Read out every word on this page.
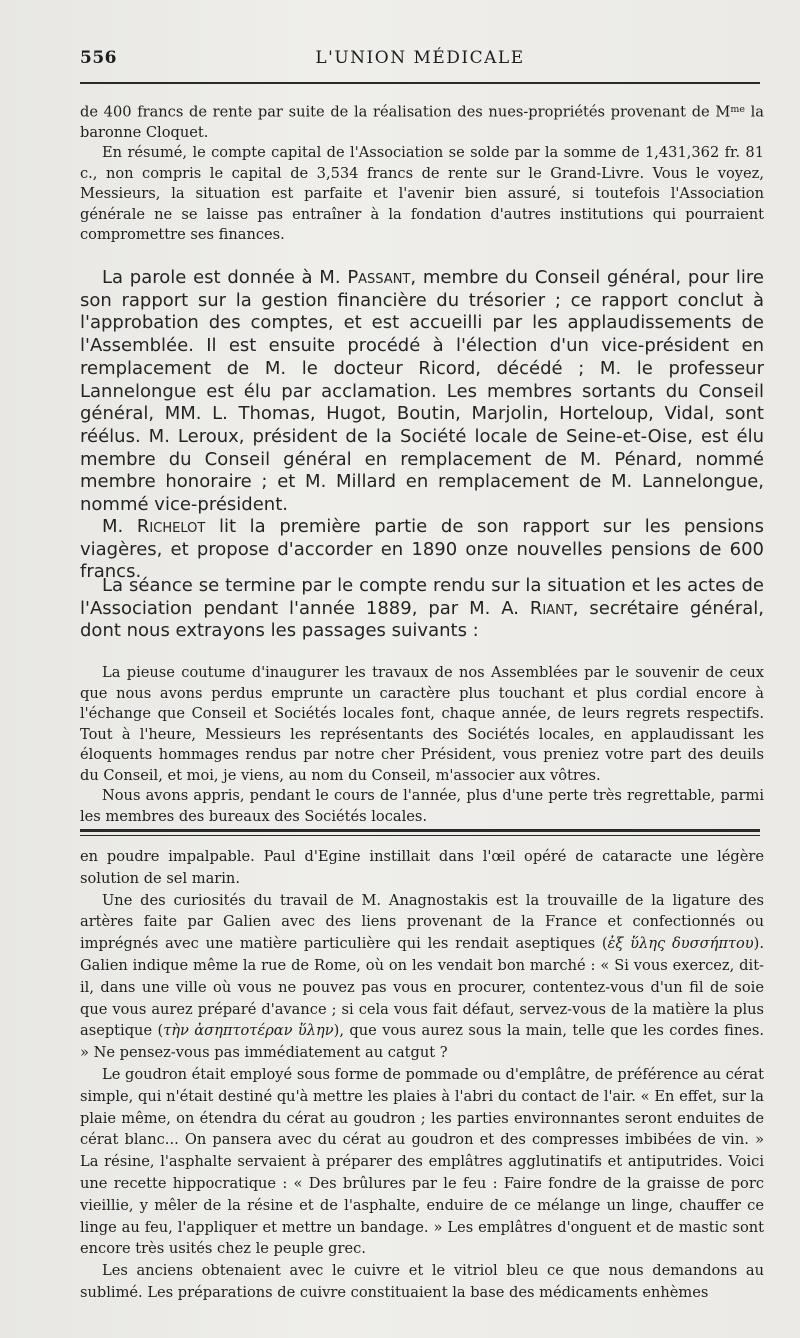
556	L'UNION MÉDICALE

de 400 francs de rente par suite de la réalisation des nues-propriétés provenant de $M^{me}$ la baronne Cloquet.

En résumé, le compte capital de l'Association se solde par la somme de 1,431,362 fr. 81 c., non compris le capital de 3,534 francs de rente sur le Grand-Livre. Vous le voyez, Messieurs, la situation est parfaite et l'avenir bien assuré, si toutefois l'Association générale ne se laisse pas entraîner à la fondation d'autres institutions qui pourraient compromettre ses finances.

La parole est donnée à M. Passant, membre du Conseil général, pour lire son rapport sur la gestion financière du trésorier ; ce rapport conclut à l'approbation des comptes, et est accueilli par les applaudissements de l'Assemblée. Il est ensuite procédé à l'élection d'un vice-président en remplacement de M. le docteur Ricord, décédé ; M. le professeur Lannelongue est élu par acclamation. Les membres sortants du Conseil général, MM. L. Thomas, Hugot, Boutin, Marjolin, Horteloup, Vidal, sont réélus. M. Leroux, président de la Société locale de Seine-et-Oise, est élu membre du Conseil général en remplacement de M. Pénard, nommé membre honoraire ; et M. Millard en remplacement de M. Lannelongue, nommé vice-président.

M. Richelot lit la première partie de son rapport sur les pensions viagères, et propose d'accorder en 1890 onze nouvelles pensions de 600 francs.

La séance se termine par le compte rendu sur la situation et les actes de l'Association pendant l'année 1889, par M. A. Riant, secrétaire général, dont nous extrayons les passages suivants :

La pieuse coutume d'inaugurer les travaux de nos Assemblées par le souvenir de ceux que nous avons perdus emprunte un caractère plus touchant et plus cordial encore à l'échange que Conseil et Sociétés locales font, chaque année, de leurs regrets respectifs. Tout à l'heure, Messieurs les représentants des Sociétés locales, en applaudissant les éloquents hommages rendus par notre cher Président, vous preniez votre part des deuils du Conseil, et moi, je viens, au nom du Conseil, m'associer aux vôtres.

Nous avons appris, pendant le cours de l'année, plus d'une perte très regrettable, parmi les membres des bureaux des Sociétés locales.

en poudre impalpable. Paul d'Egine instillait dans l'œil opéré de cataracte une légère solution de sel marin.

Une des curiosités du travail de M. Anagnostakis est la trouvaille de la ligature des artères faite par Galien avec des liens provenant de la France et confectionnés ou imprégnés avec une matière particulière qui les rendait aseptiques (ἐξ ὕλης δυσσήπτου). Galien indique même la rue de Rome, où on les vendait bon marché : « Si vous exercez, dit-il, dans une ville où vous ne pouvez pas vous en procurer, contentez-vous d'un fil de soie que vous aurez préparé d'avance ; si cela vous fait défaut, servez-vous de la matière la plus aseptique (τὴν ἀσηπτοτέραν ὕλην), que vous aurez sous la main, telle que les cordes fines. » Ne pensez-vous pas immédiatement au catgut ?

Le goudron était employé sous forme de pommade ou d'emplâtre, de préférence au cérat simple, qui n'était destiné qu'à mettre les plaies à l'abri du contact de l'air. « En effet, sur la plaie même, on étendra du cérat au goudron ; les parties environnantes seront enduites de cérat blanc... On pansera avec du cérat au goudron et des compresses imbibées de vin. » La résine, l'asphalte servaient à préparer des emplâtres agglutinatifs et antiputrides. Voici une recette hippocratique : « Des brûlures par le feu : Faire fondre de la graisse de porc vieillie, y mêler de la résine et de l'asphalte, enduire de ce mélange un linge, chauffer ce linge au feu, l'appliquer et mettre un bandage. » Les emplâtres d'onguent et de mastic sont encore très usités chez le peuple grec.

Les anciens obtenaient avec le cuivre et le vitriol bleu ce que nous demandons au sublimé. Les préparations de cuivre constituaient la base des médicaments enhèmes
